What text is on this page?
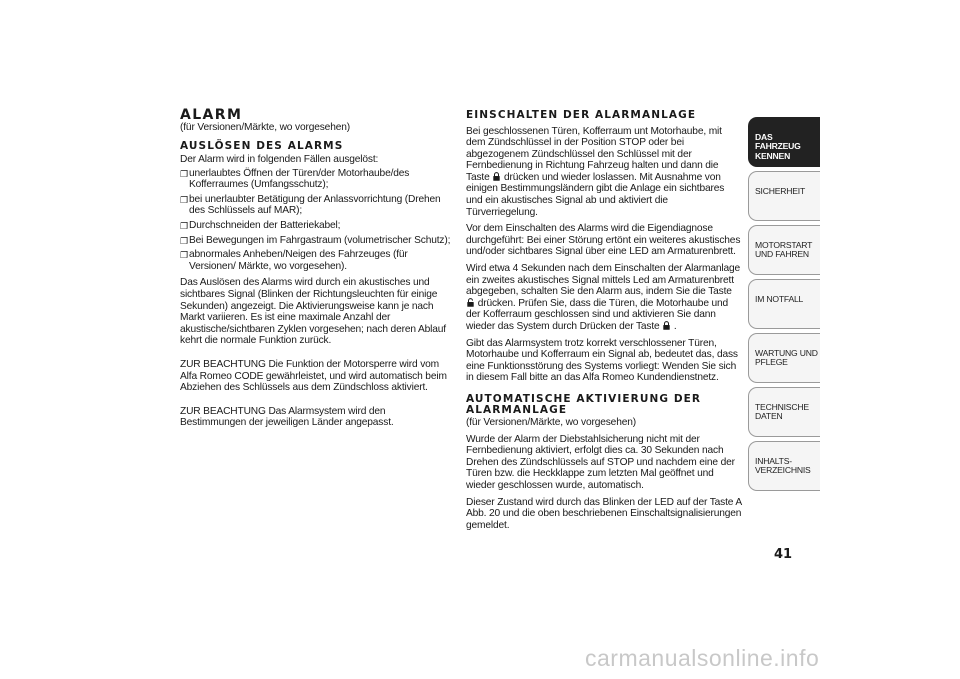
ALARM

(für Versionen/Märkte, wo vorgesehen)

AUSLÖSEN DES ALARMS

Der Alarm wird in folgenden Fällen ausgelöst:

❐ unerlaubtes Öffnen der Türen/der Motorhaube/des Kofferraumes (Umfangsschutz);
❐ bei unerlaubter Betätigung der Anlassvorrichtung (Drehen des Schlüssels auf MAR);
❐ Durchschneiden der Batteriekabel;
❐ Bei Bewegungen im Fahrgastraum (volumetrischer Schutz);
❐ abnormales Anheben/Neigen des Fahrzeuges (für Versionen/ Märkte, wo vorgesehen).

Das Auslösen des Alarms wird durch ein akustisches und sichtbares Signal (Blinken der Richtungsleuchten für einige Sekunden) angezeigt. Die Aktivierungsweise kann je nach Markt variieren. Es ist eine maximale Anzahl der akustische/sichtbaren Zyklen vorgesehen; nach deren Ablauf kehrt die normale Funktion zurück.

ZUR BEACHTUNG Die Funktion der Motorsperre wird vom Alfa Romeo CODE gewährleistet, und wird automatisch beim Abziehen des Schlüssels aus dem Zündschloss aktiviert.

ZUR BEACHTUNG Das Alarmsystem wird den Bestimmungen der jeweiligen Länder angepasst.

EINSCHALTEN DER ALARMANLAGE

Bei geschlossenen Türen, Kofferraum unt Motorhaube, mit dem Zündschlüssel in der Position STOP oder bei abgezogenem Zündschlüssel den Schlüssel mit der Fernbedienung in Richtung Fahrzeug halten und dann die Taste drücken und wieder loslassen. Mit Ausnahme von einigen Bestimmungsländern gibt die Anlage ein sichtbares und ein akustisches Signal ab und aktiviert die Türverriegelung.

Vor dem Einschalten des Alarms wird die Eigendiagnose durchgeführt: Bei einer Störung ertönt ein weiteres akustisches und/oder sichtbares Signal über eine LED am Armaturenbrett.

Wird etwa 4 Sekunden nach dem Einschalten der Alarmanlage ein zweites akustisches Signal mittels Led am Armaturenbrett abgegeben, schalten Sie den Alarm aus, indem Sie die Taste  drücken. Prüfen Sie, dass die Türen, die Motorhaube und der Kofferraum geschlossen sind und aktivieren Sie dann wieder das System durch Drücken der Taste .

Gibt das Alarmsystem trotz korrekt verschlossener Türen, Motorhaube und Kofferraum ein Signal ab, bedeutet das, dass eine Funktionsstörung des Systems vorliegt: Wenden Sie sich in diesem Fall bitte an das Alfa Romeo Kundendienstnetz.

AUTOMATISCHE AKTIVIERUNG DER ALARMANLAGE

(für Versionen/Märkte, wo vorgesehen)

Wurde der Alarm der Diebstahlsicherung nicht mit der Fernbedienung aktiviert, erfolgt dies ca. 30 Sekunden nach Drehen des Zündschlüssels auf STOP und nachdem eine der Türen bzw. die Heckklappe zum letzten Mal geöffnet und wieder geschlossen wurde, automatisch.

Dieser Zustand wird durch das Blinken der LED auf der Taste A Abb. 20 und die oben beschriebenen Einschaltsignalisierungen gemeldet.

DAS FAHRZEUG KENNEN
SICHERHEIT
MOTORSTART UND FAHREN
IM NOTFALL
WARTUNG UND PFLEGE
TECHNISCHE DATEN
INHALTS-VERZEICHNIS
41
carmanualsonline.info
